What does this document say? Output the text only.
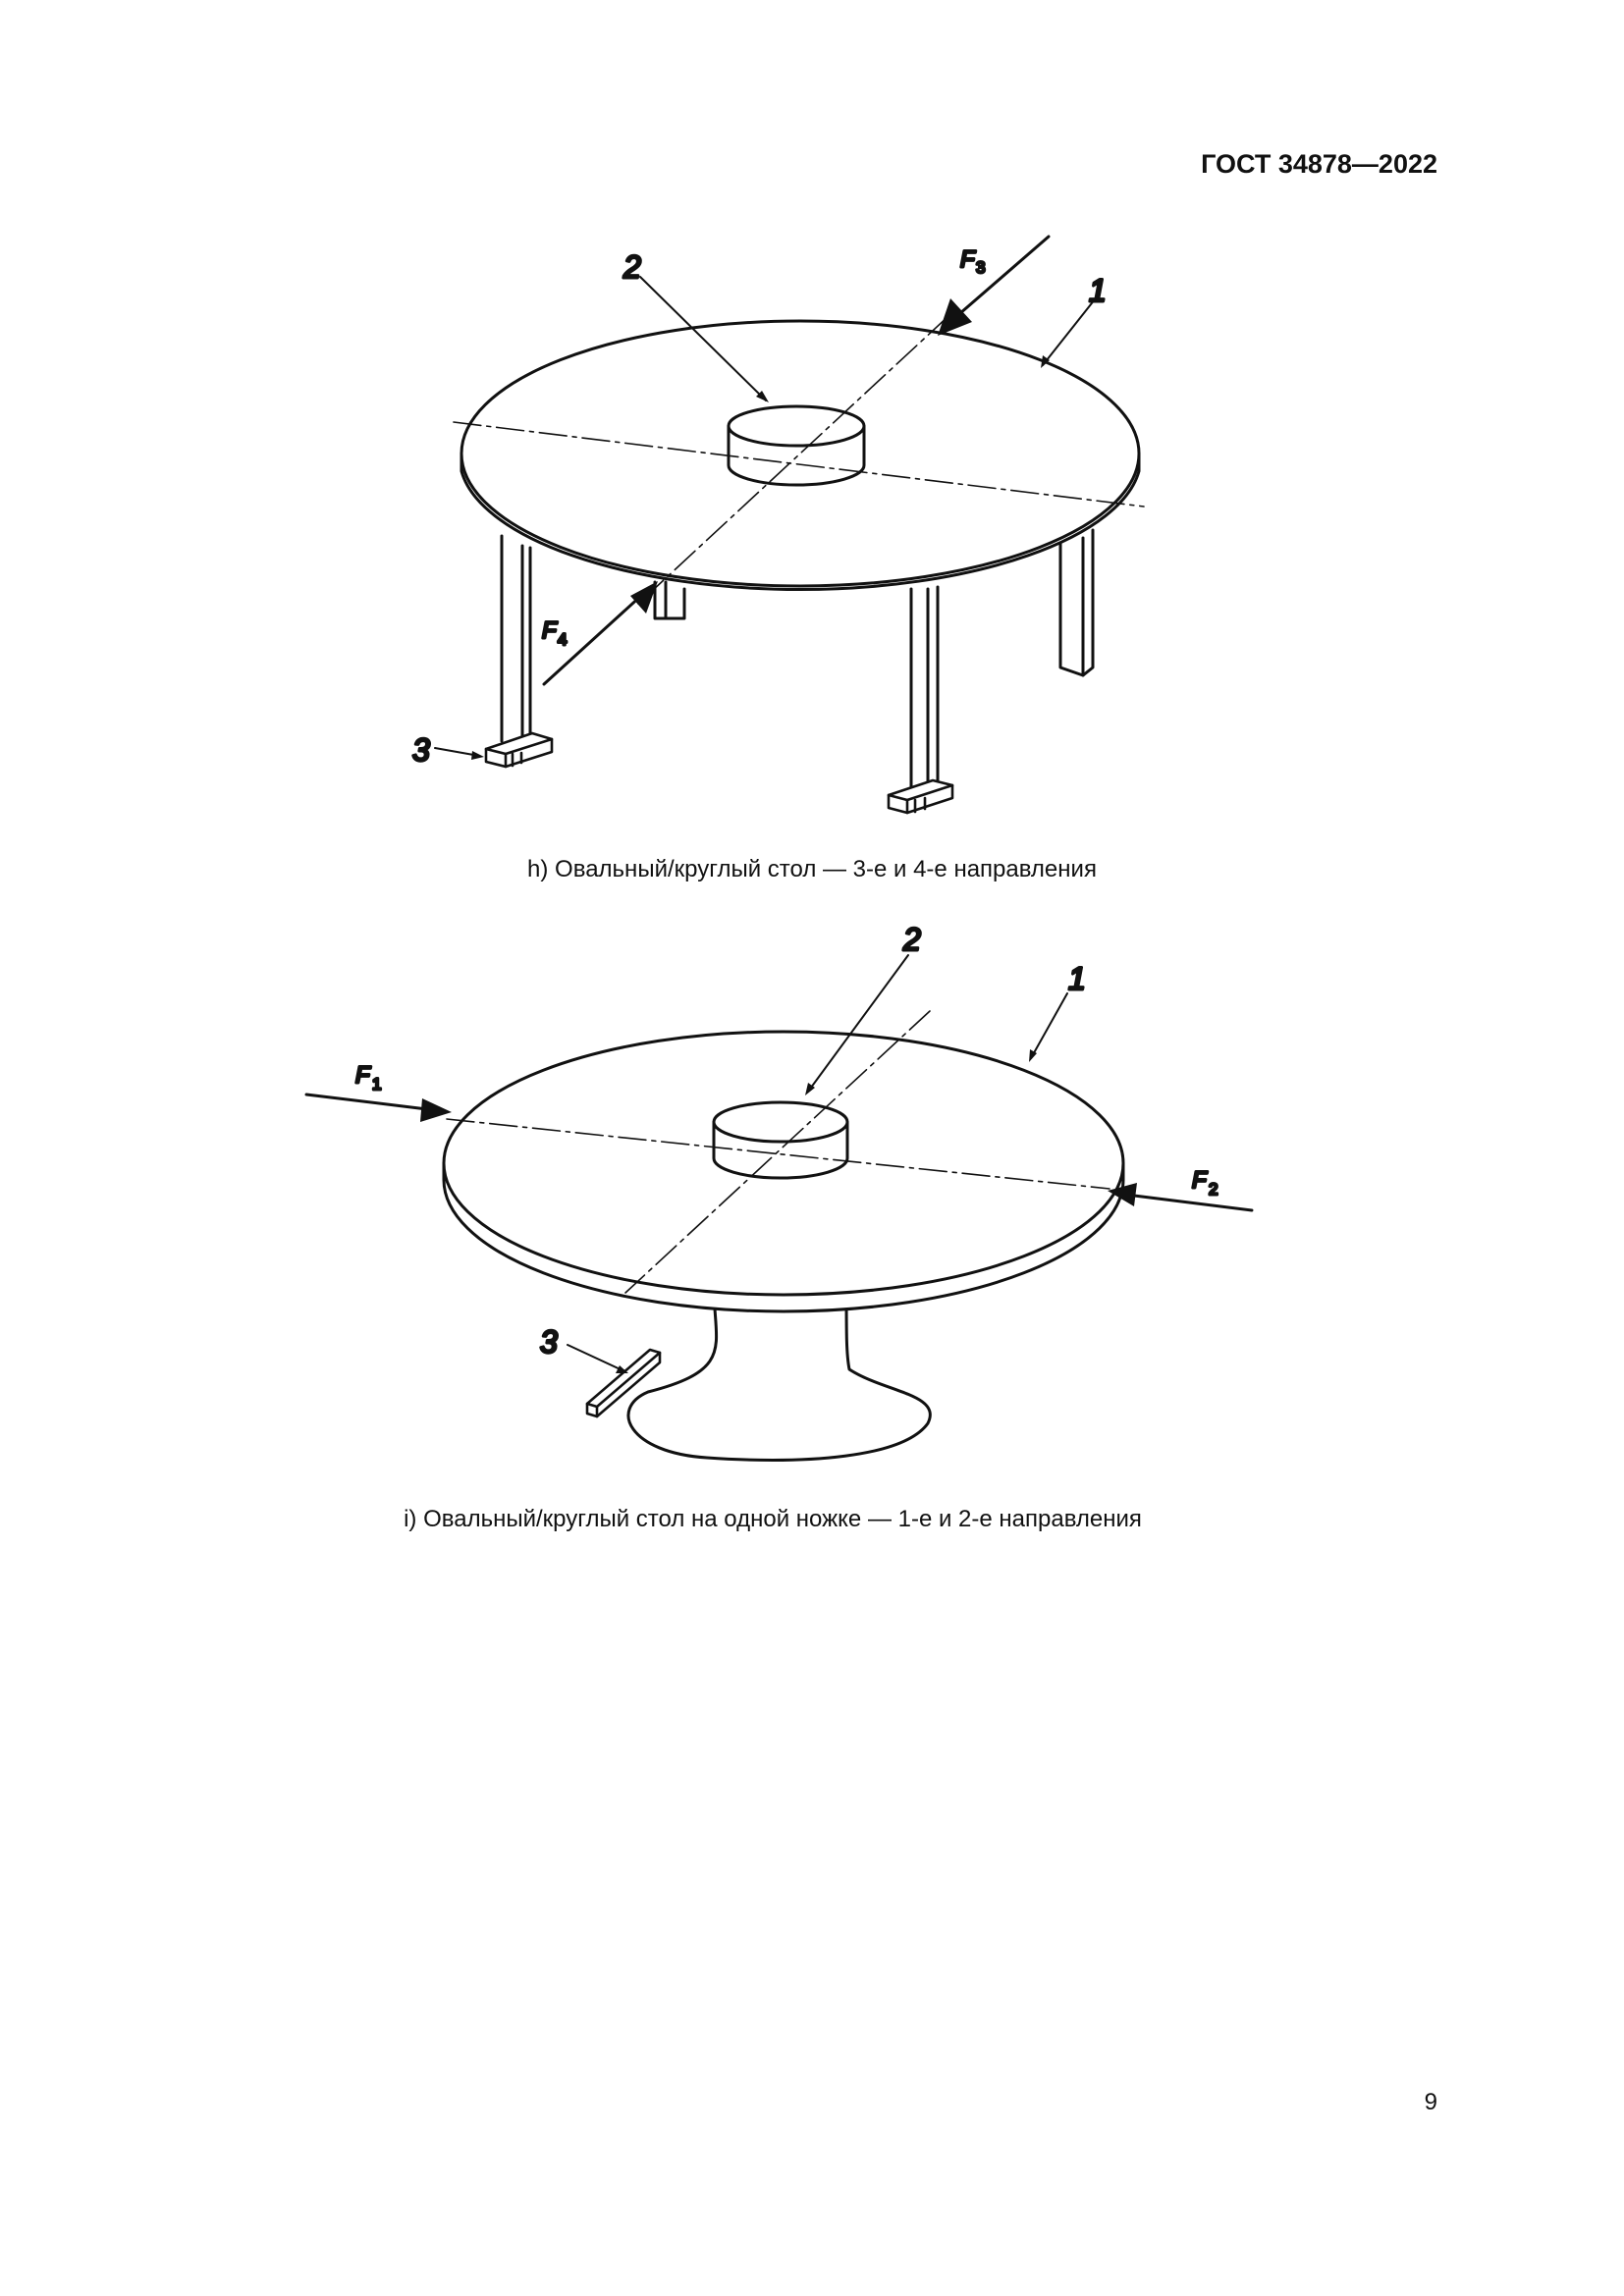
ГОСТ 34878—2022
2
1
3
F 3
F 4
h) Овальный/круглый стол — 3-е и 4-е направления
2
1
3
F 1
F 2
i) Овальный/круглый стол на одной ножке — 1-е и 2-е направления
9
